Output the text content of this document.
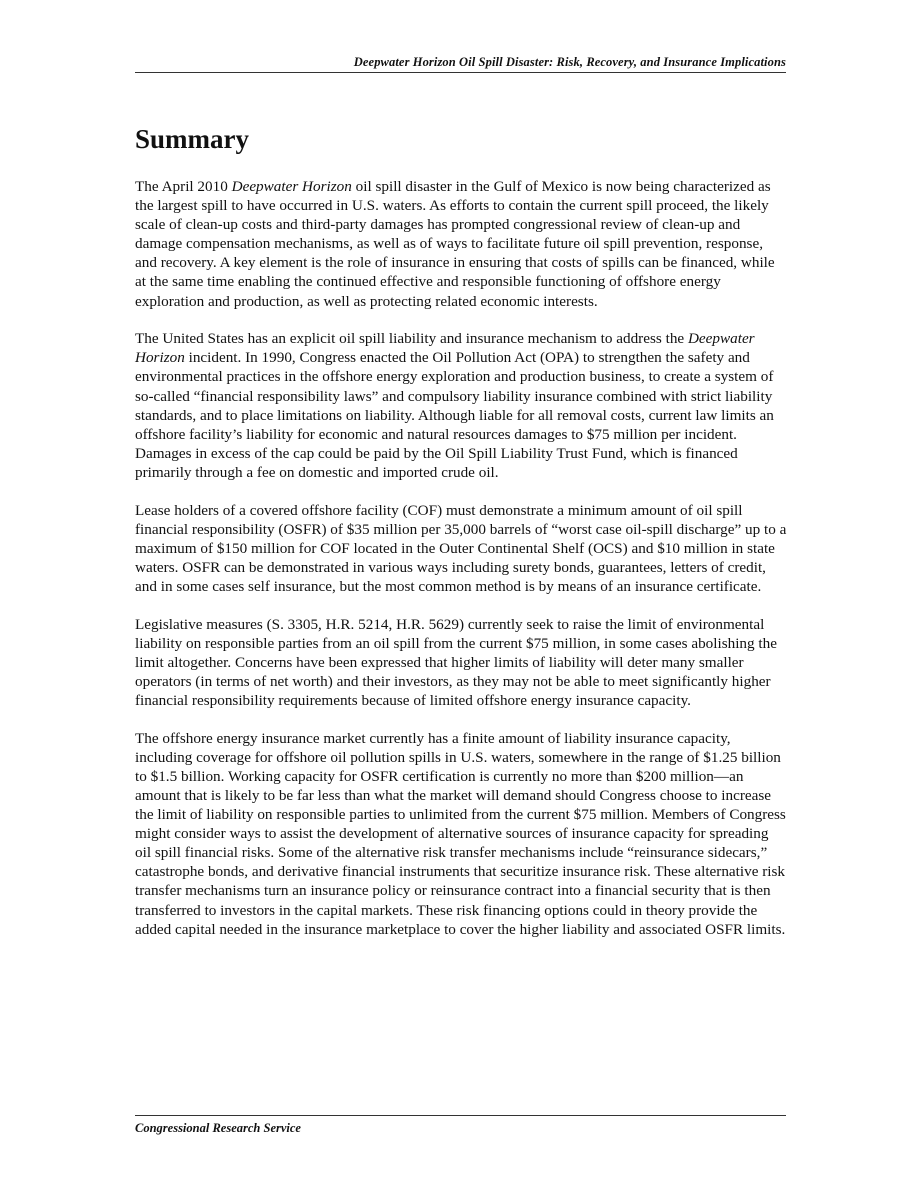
Deepwater Horizon Oil Spill Disaster: Risk, Recovery, and Insurance Implications
Summary

The April 2010 Deepwater Horizon oil spill disaster in the Gulf of Mexico is now being characterized as the largest spill to have occurred in U.S. waters. As efforts to contain the current spill proceed, the likely scale of clean-up costs and third-party damages has prompted congressional review of clean-up and damage compensation mechanisms, as well as of ways to facilitate future oil spill prevention, response, and recovery. A key element is the role of insurance in ensuring that costs of spills can be financed, while at the same time enabling the continued effective and responsible functioning of offshore energy exploration and production, as well as protecting related economic interests.

The United States has an explicit oil spill liability and insurance mechanism to address the Deepwater Horizon incident. In 1990, Congress enacted the Oil Pollution Act (OPA) to strengthen the safety and environmental practices in the offshore energy exploration and production business, to create a system of so-called “financial responsibility laws” and compulsory liability insurance combined with strict liability standards, and to place limitations on liability. Although liable for all removal costs, current law limits an offshore facility’s liability for economic and natural resources damages to $75 million per incident. Damages in excess of the cap could be paid by the Oil Spill Liability Trust Fund, which is financed primarily through a fee on domestic and imported crude oil.

Lease holders of a covered offshore facility (COF) must demonstrate a minimum amount of oil spill financial responsibility (OSFR) of $35 million per 35,000 barrels of “worst case oil-spill discharge” up to a maximum of $150 million for COF located in the Outer Continental Shelf (OCS) and $10 million in state waters. OSFR can be demonstrated in various ways including surety bonds, guarantees, letters of credit, and in some cases self insurance, but the most common method is by means of an insurance certificate.

Legislative measures (S. 3305, H.R. 5214, H.R. 5629) currently seek to raise the limit of environmental liability on responsible parties from an oil spill from the current $75 million, in some cases abolishing the limit altogether. Concerns have been expressed that higher limits of liability will deter many smaller operators (in terms of net worth) and their investors, as they may not be able to meet significantly higher financial responsibility requirements because of limited offshore energy insurance capacity.

The offshore energy insurance market currently has a finite amount of liability insurance capacity, including coverage for offshore oil pollution spills in U.S. waters, somewhere in the range of $1.25 billion to $1.5 billion. Working capacity for OSFR certification is currently no more than $200 million—an amount that is likely to be far less than what the market will demand should Congress choose to increase the limit of liability on responsible parties to unlimited from the current $75 million. Members of Congress might consider ways to assist the development of alternative sources of insurance capacity for spreading oil spill financial risks. Some of the alternative risk transfer mechanisms include “reinsurance sidecars,” catastrophe bonds, and derivative financial instruments that securitize insurance risk. These alternative risk transfer mechanisms turn an insurance policy or reinsurance contract into a financial security that is then transferred to investors in the capital markets. These risk financing options could in theory provide the added capital needed in the insurance marketplace to cover the higher liability and associated OSFR limits.

Congressional Research Service
